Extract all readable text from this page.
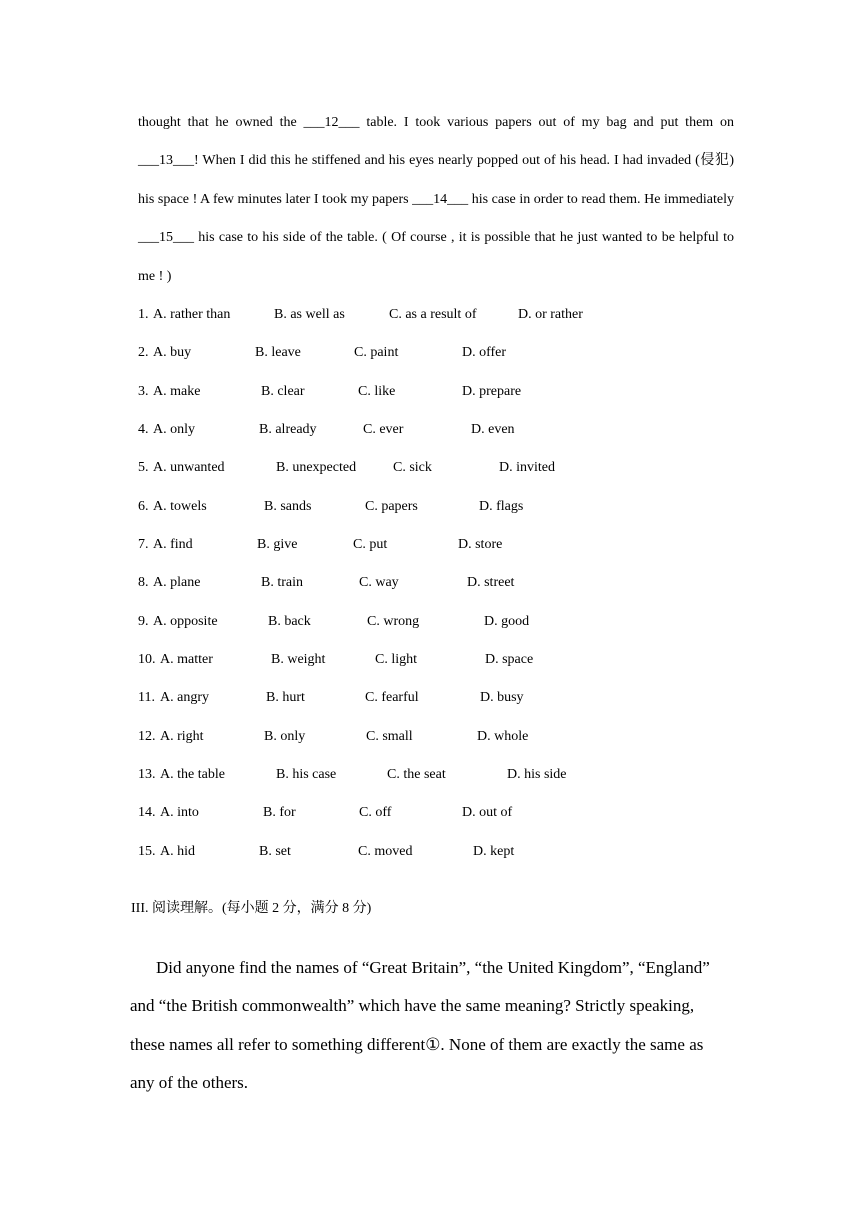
thought that he owned the ___12___ table. I took various papers out of my bag and put them on ___13___! When I did this he stiffened and his eyes nearly popped out of his head. I had invaded (侵犯) his space ! A few minutes later I took my papers ___14___ his case in order to read them. He immediately ___15___ his case to his side of the table. ( Of course , it is possible that he just wanted to be helpful to me ! )

1. A. rather than	B. as well as	C. as a result of	D. or rather
2. A. buy	B. leave	C. paint	D. offer
3. A. make	B. clear	C. like	D. prepare
4. A. only	B. already	C. ever	D. even
5. A. unwanted	B. unexpected	C. sick	D. invited
6. A. towels	B. sands	C. papers	D. flags
7. A. find	B. give	C. put	D. store
8. A. plane	B. train	C. way	D. street
9. A. opposite	B. back	C. wrong	D. good
10. A. matter	B. weight	C. light	D. space
11. A. angry	B. hurt	C. fearful	D. busy
12. A. right	B. only	C. small	D. whole
13. A. the table	B. his case	C. the seat	D. his side
14. A. into	B. for	C. off	D. out of
15. A. hid	B. set	C. moved	D. kept

III. 阅读理解。(每小题 2 分，满分 8 分)

Did anyone find the names of “Great Britain”, “the United Kingdom”, “England” and “the British commonwealth” which have the same meaning? Strictly speaking, these names all refer to something different①. None of them are exactly the same as any of the others.
